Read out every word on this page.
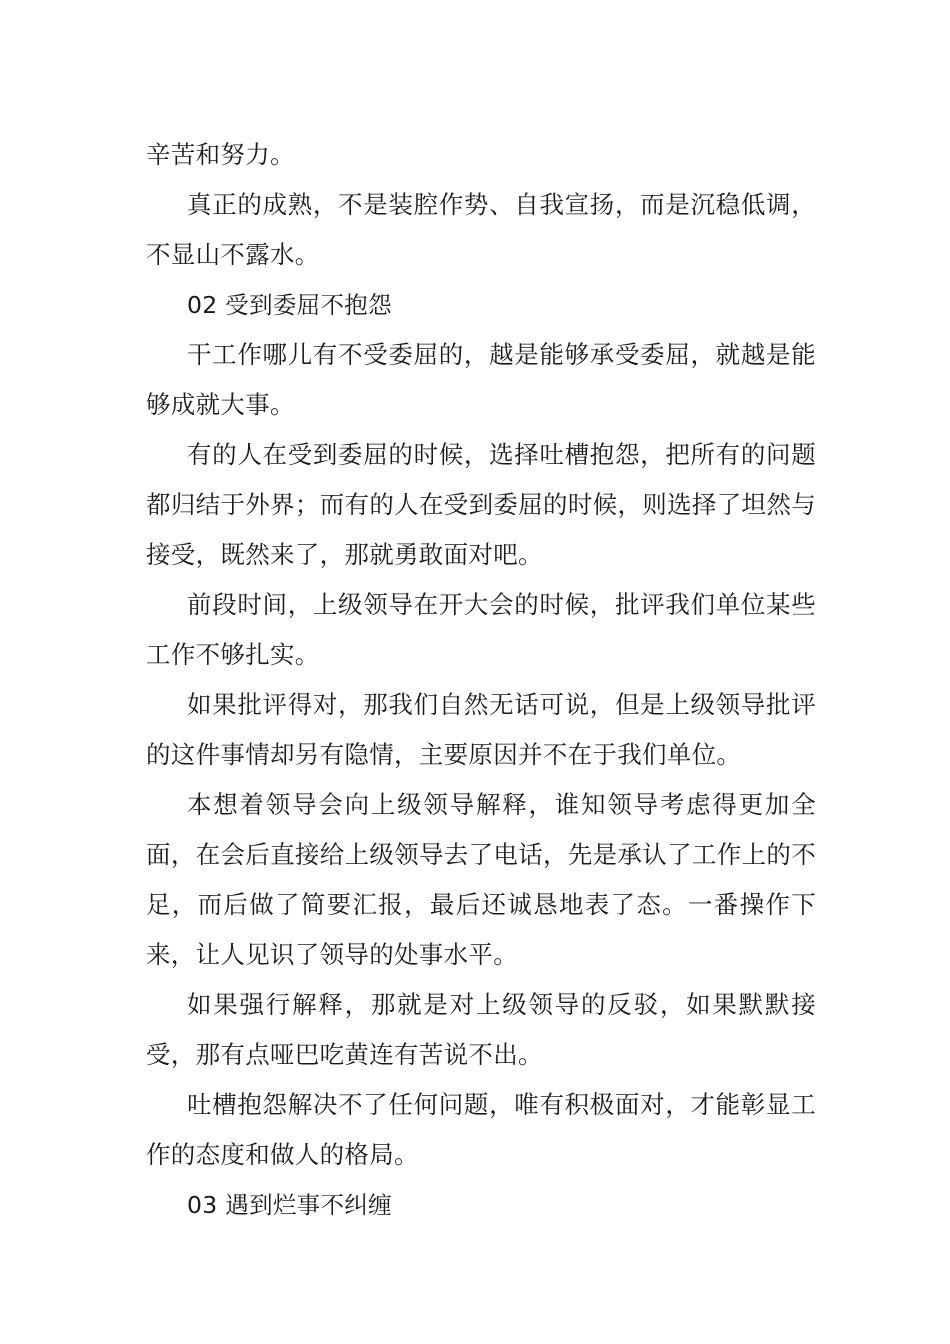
辛苦和努力。

真正的成熟，不是装腔作势、自我宣扬，而是沉稳低调，不显山不露水。

02 受到委屈不抱怨

干工作哪儿有不受委屈的，越是能够承受委屈，就越是能够成就大事。

有的人在受到委屈的时候，选择吐槽抱怨，把所有的问题都归结于外界；而有的人在受到委屈的时候，则选择了坦然与接受，既然来了，那就勇敢面对吧。

前段时间，上级领导在开大会的时候，批评我们单位某些工作不够扎实。

如果批评得对，那我们自然无话可说，但是上级领导批评的这件事情却另有隐情，主要原因并不在于我们单位。

本想着领导会向上级领导解释，谁知领导考虑得更加全面，在会后直接给上级领导去了电话，先是承认了工作上的不足，而后做了简要汇报，最后还诚恳地表了态。一番操作下来，让人见识了领导的处事水平。

如果强行解释，那就是对上级领导的反驳，如果默默接受，那有点哑巴吃黄连有苦说不出。

吐槽抱怨解决不了任何问题，唯有积极面对，才能彰显工作的态度和做人的格局。

03 遇到烂事不纠缠
